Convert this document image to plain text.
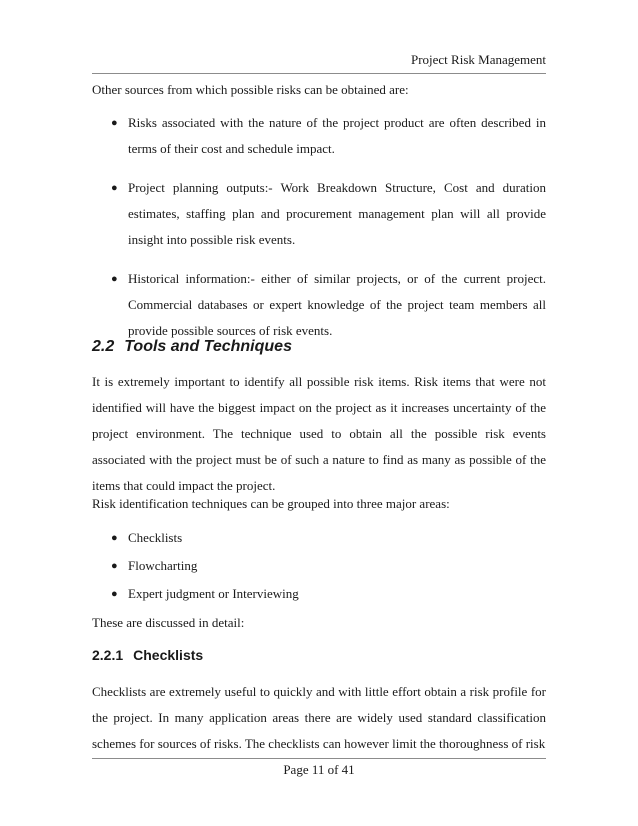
Project Risk Management

Other sources from which possible risks can be obtained are:

● Risks associated with the nature of the project product are often described in terms of their cost and schedule impact.
● Project planning outputs:- Work Breakdown Structure, Cost and duration estimates, staffing plan and procurement management plan will all provide insight into possible risk events.
● Historical information:- either of similar projects, or of the current project. Commercial databases or expert knowledge of the project team members all provide possible sources of risk events.
2.2 Tools and Techniques

It is extremely important to identify all possible risk items. Risk items that were not identified will have the biggest impact on the project as it increases uncertainty of the project environment. The technique used to obtain all the possible risk events associated with the project must be of such a nature to find as many as possible of the items that could impact the project.

Risk identification techniques can be grouped into three major areas:

● Checklists
● Flowcharting
● Expert judgment or Interviewing

These are discussed in detail:

2.2.1 Checklists

Checklists are extremely useful to quickly and with little effort obtain a risk profile for the project. In many application areas there are widely used standard classification schemes for sources of risks. The checklists can however limit the thoroughness of risk

Page 11 of 41
